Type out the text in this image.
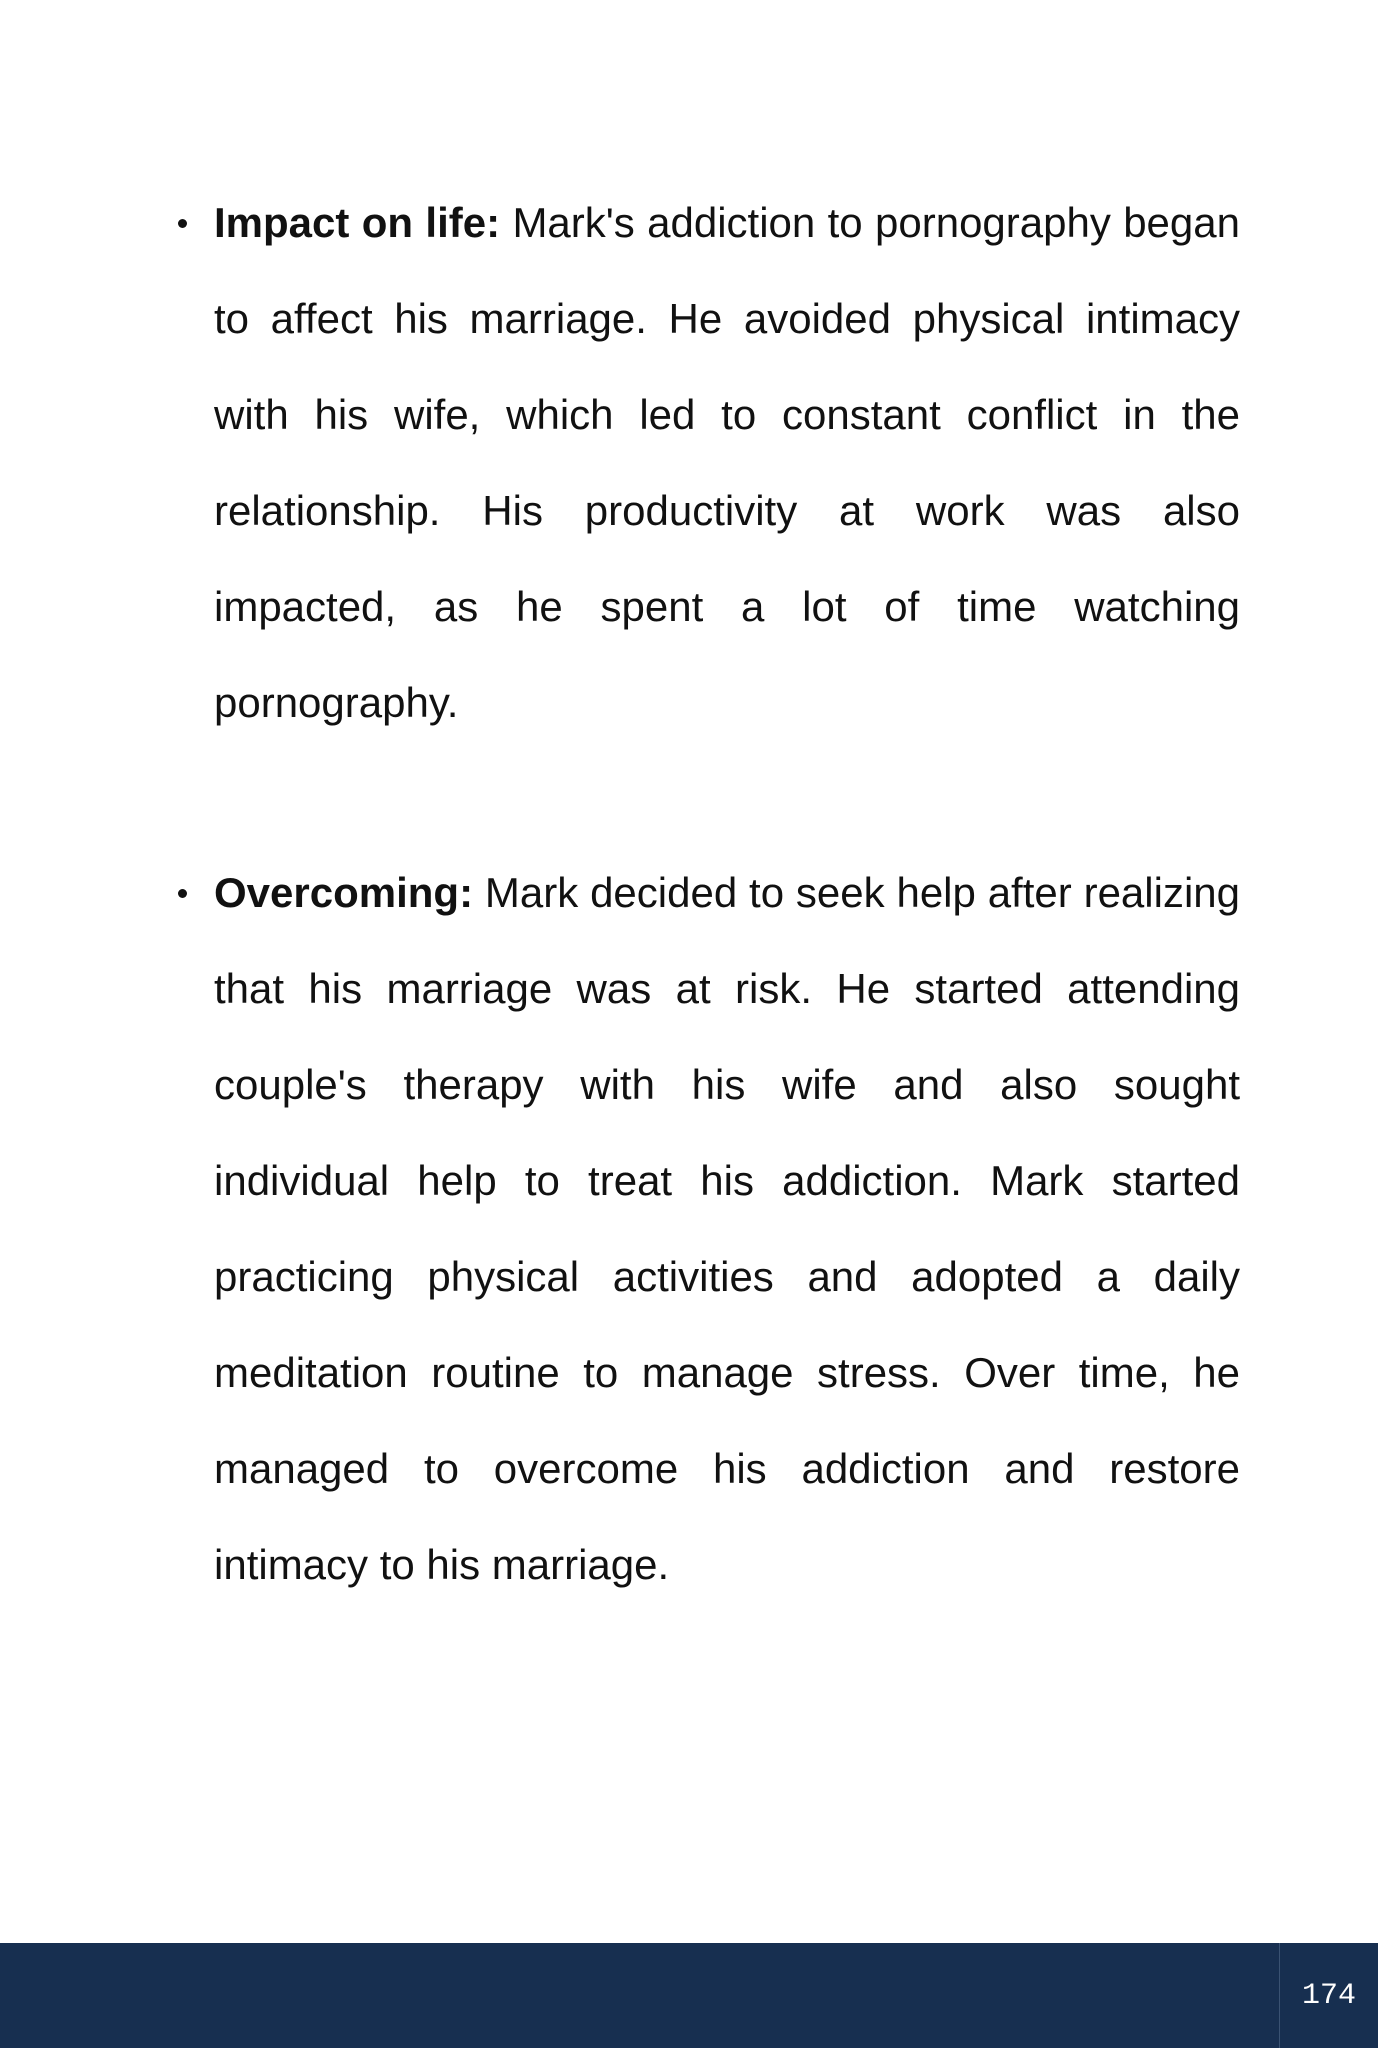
Impact on life: Mark's addiction to pornography began to affect his marriage. He avoided physical intimacy with his wife, which led to constant conflict in the relationship. His productivity at work was also impacted, as he spent a lot of time watching pornography.
Overcoming: Mark decided to seek help after realizing that his marriage was at risk. He started attending couple's therapy with his wife and also sought individual help to treat his addiction. Mark started practicing physical activities and adopted a daily meditation routine to manage stress. Over time, he managed to overcome his addiction and restore intimacy to his marriage.
174
